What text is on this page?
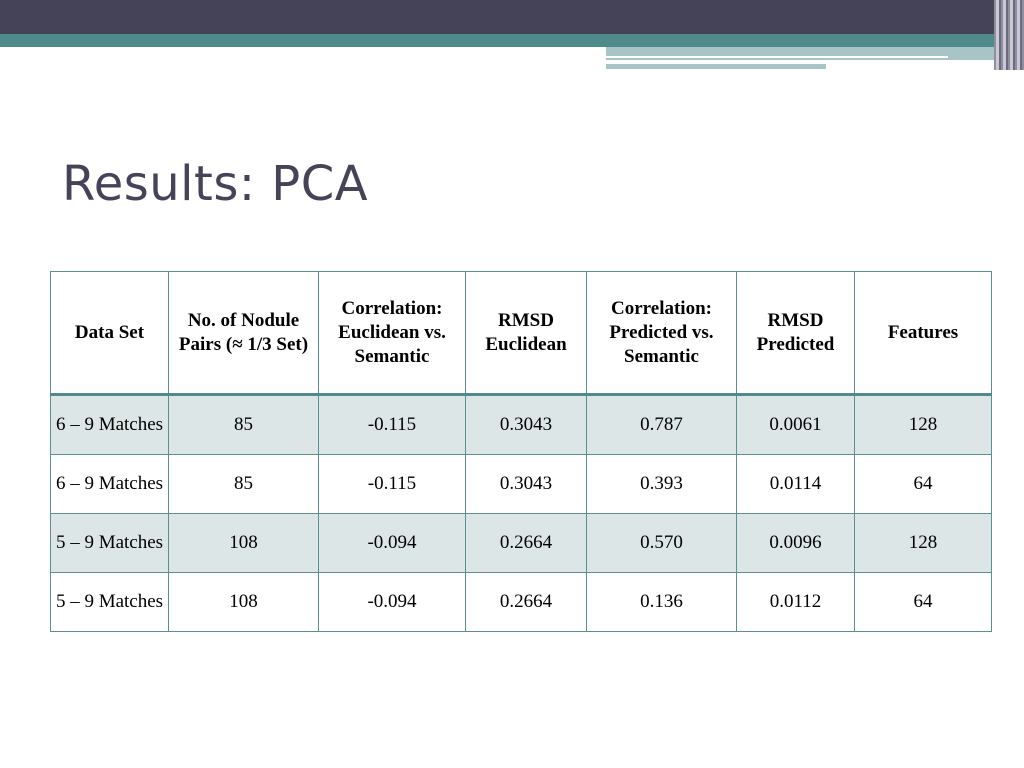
Results: PCA
Data Set	No. of Nodule Pairs (≈ 1/3 Set)	Correlation: Euclidean vs. Semantic	RMSD Euclidean	Correlation: Predicted vs. Semantic	RMSD Predicted	Features
6 – 9 Matches	85	-0.115	0.3043	0.787	0.0061	128
6 – 9 Matches	85	-0.115	0.3043	0.393	0.0114	64
5 – 9 Matches	108	-0.094	0.2664	0.570	0.0096	128
5 – 9 Matches	108	-0.094	0.2664	0.136	0.0112	64
